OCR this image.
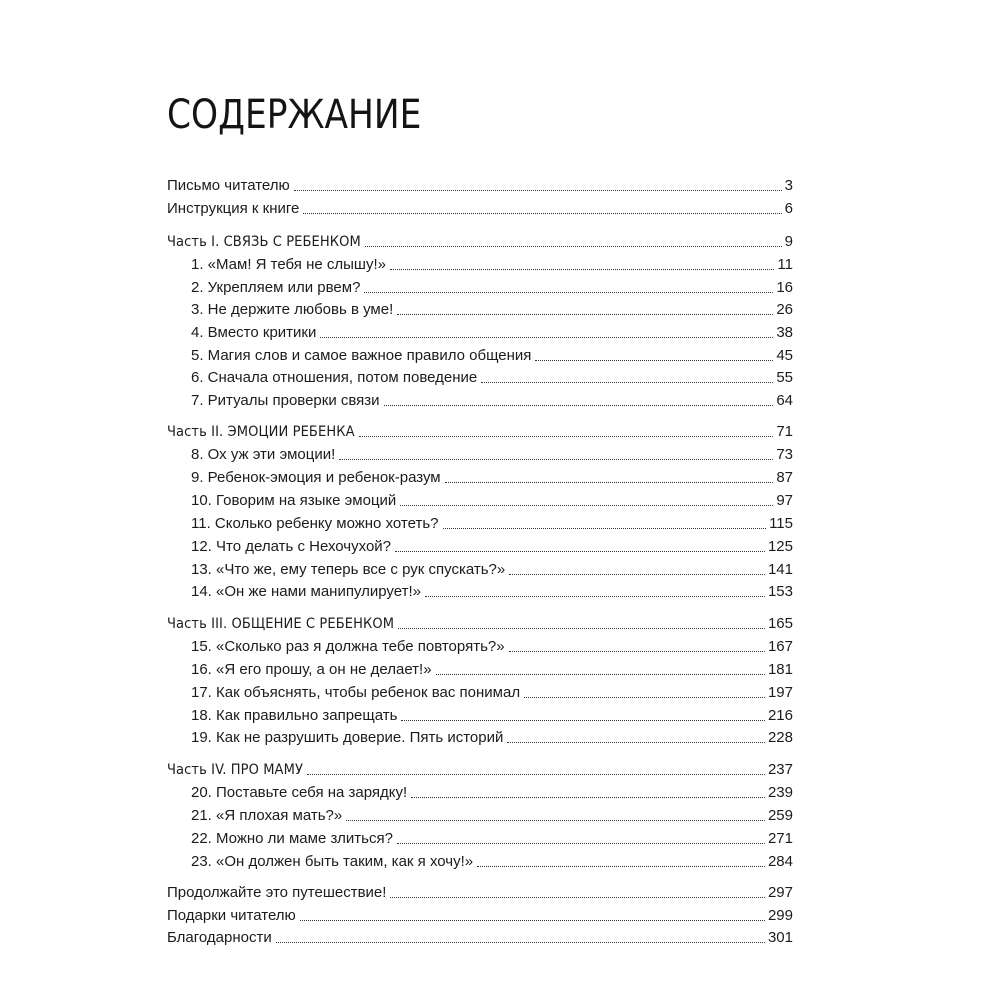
СОДЕРЖАНИЕ
Письмо читателю	3
Инструкция к книге	6
Часть I. СВЯЗЬ С РЕБЕНКОМ	9
1. «Мам! Я тебя не слышу!»	11
2. Укрепляем или рвем?	16
3. Не держите любовь в уме!	26
4. Вместо критики	38
5. Магия слов и самое важное правило общения	45
6. Сначала отношения, потом поведение	55
7. Ритуалы проверки связи	64
Часть II. ЭМОЦИИ РЕБЕНКА	71
8. Ох уж эти эмоции!	73
9. Ребенок-эмоция и ребенок-разум	87
10. Говорим на языке эмоций	97
11. Сколько ребенку можно хотеть?	115
12. Что делать с Нехочухой?	125
13. «Что же, ему теперь все с рук спускать?»	141
14. «Он же нами манипулирует!»	153
Часть III. ОБЩЕНИЕ С РЕБЕНКОМ	165
15. «Сколько раз я должна тебе повторять?»	167
16. «Я его прошу, а он не делает!»	181
17. Как объяснять, чтобы ребенок вас понимал	197
18. Как правильно запрещать	216
19. Как не разрушить доверие. Пять историй	228
Часть IV. ПРО МАМУ	237
20. Поставьте себя на зарядку!	239
21. «Я плохая мать?»	259
22. Можно ли маме злиться?	271
23. «Он должен быть таким, как я хочу!»	284
Продолжайте это путешествие!	297
Подарки читателю	299
Благодарности	301
